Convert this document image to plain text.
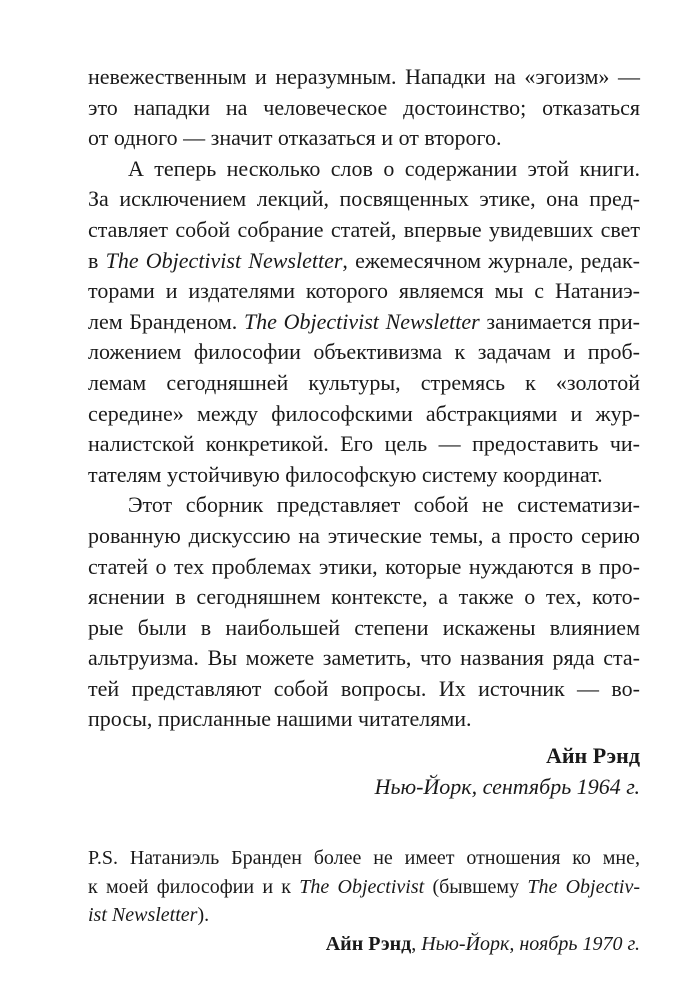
невежественным и неразумным. Нападки на «эгоизм» —
это нападки на человеческое достоинство; отказаться
от одного — значит отказаться и от второго.

А теперь несколько слов о содержании этой книги.
За исключением лекций, посвященных этике, она пред-
ставляет собой собрание статей, впервые увидевших свет
в The Objectivist Newsletter, ежемесячном журнале, редак-
торами и издателями которого являемся мы с Натаниэ-
лем Бранденом. The Objectivist Newsletter занимается при-
ложением философии объективизма к задачам и проб-
лемам сегодняшней культуры, стремясь к «золотой
середине» между философскими абстракциями и жур-
налистской конкретикой. Его цель — предоставить чи-
тателям устойчивую философскую систему координат.

Этот сборник представляет собой не систематизи-
рованную дискуссию на этические темы, а просто серию
статей о тех проблемах этики, которые нуждаются в про-
яснении в сегодняшнем контексте, а также о тех, кото-
рые были в наибольшей степени искажены влиянием
альтруизма. Вы можете заметить, что названия ряда ста-
тей представляют собой вопросы. Их источник — во-
просы, присланные нашими читателями.

Айн Рэнд
Нью-Йорк, сентябрь 1964 г.
P.S. Натаниэль Бранден более не имеет отношения ко мне,
к моей философии и к The Objectivist (бывшему The Objectiv-
ist Newsletter).
Айн Рэнд, Нью-Йорк, ноябрь 1970 г.
